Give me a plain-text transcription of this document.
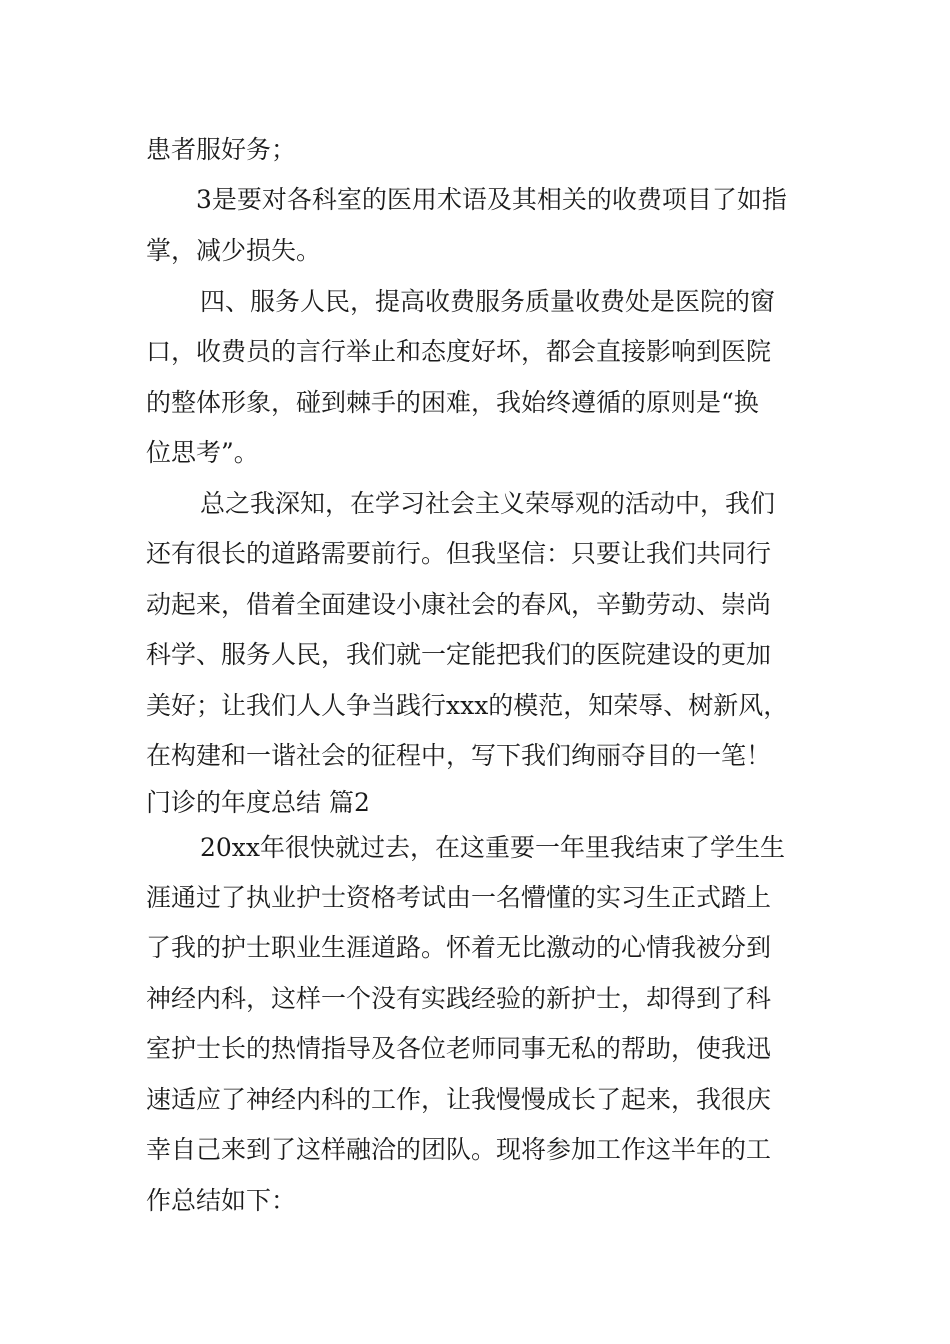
患者服好务；

3是要对各科室的医用术语及其相关的收费项目了如指

掌，减少损失。

四、服务人民，提高收费服务质量收费处是医院的窗

口，收费员的言行举止和态度好坏，都会直接影响到医院

的整体形象，碰到棘手的困难，我始终遵循的原则是“换

位思考”。

总之我深知，在学习社会主义荣辱观的活动中，我们

还有很长的道路需要前行。但我坚信：只要让我们共同行

动起来，借着全面建设小康社会的春风，辛勤劳动、崇尚

科学、服务人民，我们就一定能把我们的医院建设的更加

美好；让我们人人争当践行xxx的模范，知荣辱、树新风，

在构建和一谐社会的征程中，写下我们绚丽夺目的一笔！

门诊的年度总结 篇2

20xx年很快就过去，在这重要一年里我结束了学生生

涯通过了执业护士资格考试由一名懵懂的实习生正式踏上

了我的护士职业生涯道路。怀着无比激动的心情我被分到

神经内科，这样一个没有实践经验的新护士，却得到了科

室护士长的热情指导及各位老师同事无私的帮助，使我迅

速适应了神经内科的工作，让我慢慢成长了起来，我很庆

幸自己来到了这样融洽的团队。现将参加工作这半年的工

作总结如下：
